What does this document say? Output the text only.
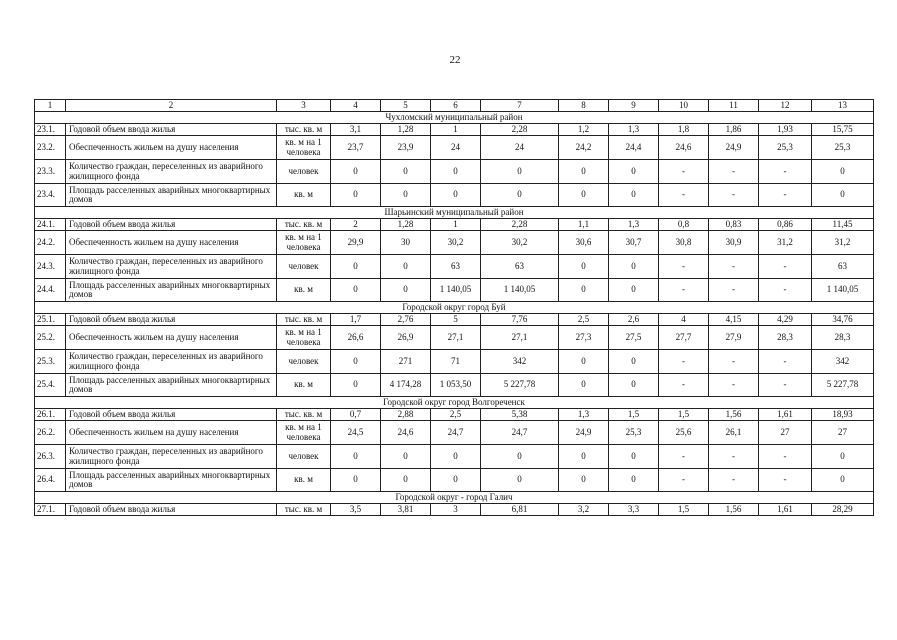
22
1	2	3	4	5	6	7	8	9	10	11	12	13
Чухломский муниципальный район												
23.1.	Годовой объем ввода жилья	тыс. кв. м	3,1	1,28	1	2,28	1,2	1,3	1,8	1,86	1,93	15,75
23.2.	Обеспеченность жильем на душу населения	кв. м на 1 человека	23,7	23,9	24	24	24,2	24,4	24,6	24,9	25,3	25,3
23.3.	Количество граждан, переселенных из аварийного жилищного фонда	человек	0	0	0	0	0	0	-	-	-	0
23.4.	Площадь расселенных аварийных многоквартирных домов	кв. м	0	0	0	0	0	0	-	-	-	0
Шарьинский муниципальный район												
24.1.	Годовой объем ввода жилья	тыс. кв. м	2	1,28	1	2,28	1,1	1,3	0,8	0,83	0,86	11,45
24.2.	Обеспеченность жильем на душу населения	кв. м на 1 человека	29,9	30	30,2	30,2	30,6	30,7	30,8	30,9	31,2	31,2
24.3.	Количество граждан, переселенных из аварийного жилищного фонда	человек	0	0	63	63	0	0	-	-	-	63
24.4.	Площадь расселенных аварийных многоквартирных домов	кв. м	0	0	1 140,05	1 140,05	0	0	-	-	-	1 140,05
Городской округ город Буй												
25.1.	Годовой объем ввода жилья	тыс. кв. м	1,7	2,76	5	7,76	2,5	2,6	4	4,15	4,29	34,76
25.2.	Обеспеченность жильем на душу населения	кв. м на 1 человека	26,6	26,9	27,1	27,1	27,3	27,5	27,7	27,9	28,3	28,3
25.3.	Количество граждан, переселенных из аварийного жилищного фонда	человек	0	271	71	342	0	0	-	-	-	342
25.4.	Площадь расселенных аварийных многоквартирных домов	кв. м	0	4 174,28	1 053,50	5 227,78	0	0	-	-	-	5 227,78
Городской округ город Волгореченск												
26.1.	Годовой объем ввода жилья	тыс. кв. м	0,7	2,88	2,5	5,38	1,3	1,5	1,5	1,56	1,61	18,93
26.2.	Обеспеченность жильем на душу населения	кв. м на 1 человека	24,5	24,6	24,7	24,7	24,9	25,3	25,6	26,1	27	27
26.3.	Количество граждан, переселенных из аварийного жилищного фонда	человек	0	0	0	0	0	0	-	-	-	0
26.4.	Площадь расселенных аварийных многоквартирных домов	кв. м	0	0	0	0	0	0	-	-	-	0
Городской округ - город Галич												
27.1.	Годовой объем ввода жилья	тыс. кв. м	3,5	3,81	3	6,81	3,2	3,3	1,5	1,56	1,61	28,29
